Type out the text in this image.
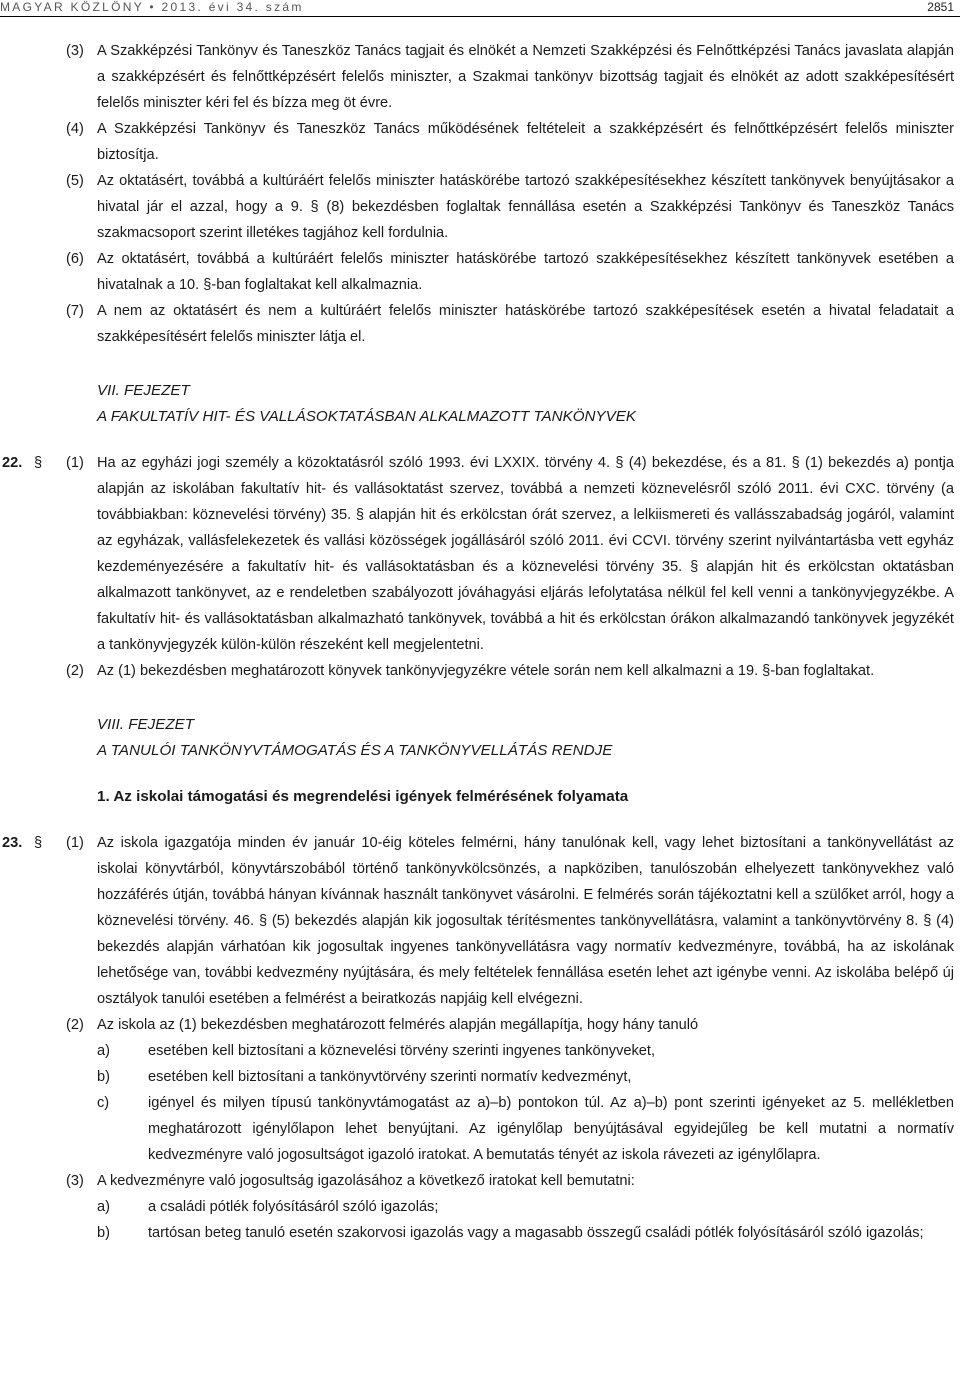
MAGYAR KÖZLÖNY • 2013. évi 34. szám	2851
(3) A Szakképzési Tankönyv és Taneszköz Tanács tagjait és elnökét a Nemzeti Szakképzési és Felnőttképzési Tanács javaslata alapján a szakképzésért és felnőttképzésért felelős miniszter, a Szakmai tankönyv bizottság tagjait és elnökét az adott szakképesítésért felelős miniszter kéri fel és bízza meg öt évre.
(4) A Szakképzési Tankönyv és Taneszköz Tanács működésének feltételeit a szakképzésért és felnőttképzésért felelős miniszter biztosítja.
(5) Az oktatásért, továbbá a kultúráért felelős miniszter hatáskörébe tartozó szakképesítésekhez készített tankönyvek benyújtásakor a hivatal jár el azzal, hogy a 9. § (8) bekezdésben foglaltak fennállása esetén a Szakképzési Tankönyv és Taneszköz Tanács szakmacsoport szerint illetékes tagjához kell fordulnia.
(6) Az oktatásért, továbbá a kultúráért felelős miniszter hatáskörébe tartozó szakképesítésekhez készített tankönyvek esetében a hivatalnak a 10. §-ban foglaltakat kell alkalmaznia.
(7) A nem az oktatásért és nem a kultúráért felelős miniszter hatáskörébe tartozó szakképesítések esetén a hivatal feladatait a szakképesítésért felelős miniszter látja el.
VII. FEJEZET
A FAKULTATÍV HIT- ÉS VALLÁSOKTATÁSBAN ALKALMAZOTT TANKÖNYVEK
22. § (1) Ha az egyházi jogi személy a közoktatásról szóló 1993. évi LXXIX. törvény 4. § (4) bekezdése, és a 81. § (1) bekezdés a) pontja alapján az iskolában fakultatív hit- és vallásoktatást szervez, továbbá a nemzeti köznevelésről szóló 2011. évi CXC. törvény (a továbbiakban: köznevelési törvény) 35. § alapján hit és erkölcstan órát szervez, a lelkiismereti és vallásszabadság jogáról, valamint az egyházak, vallásfelekezetek és vallási közösségek jogállásáról szóló 2011. évi CCVI. törvény szerint nyilvántartásba vett egyház kezdeményezésére a fakultatív hit- és vallásoktatásban és a köznevelési törvény 35. § alapján hit és erkölcstan oktatásban alkalmazott tankönyvet, az e rendeletben szabályozott jóváhagyási eljárás lefolytatása nélkül fel kell venni a tankönyvjegyzékbe. A fakultatív hit- és vallásoktatásban alkalmazható tankönyvek, továbbá a hit és erkölcstan órákon alkalmazandó tankönyvek jegyzékét a tankönyvjegyzék külön-külön részeként kell megjelentetni.
(2) Az (1) bekezdésben meghatározott könyvek tankönyvjegyzékre vétele során nem kell alkalmazni a 19. §-ban foglaltakat.
VIII. FEJEZET
A TANULÓI TANKÖNYVTÁMOGATÁS ÉS A TANKÖNYVELLÁTÁS RENDJE
1. Az iskolai támogatási és megrendelési igények felmérésének folyamata
23. § (1) Az iskola igazgatója minden év január 10-éig köteles felmérni, hány tanulónak kell, vagy lehet biztosítani a tankönyvellátást az iskolai könyvtárból, könyvtárszobából történő tankönyvkölcsönzés, a napköziben, tanulószobán elhelyezett tankönyvekhez való hozzáférés útján, továbbá hányan kívánnak használt tankönyvet vásárolni. E felmérés során tájékoztatni kell a szülőket arról, hogy a köznevelési törvény. 46. § (5) bekezdés alapján kik jogosultak térítésmentes tankönyvellátásra, valamint a tankönyvtörvény 8. § (4) bekezdés alapján várhatóan kik jogosultak ingyenes tankönyvellátásra vagy normatív kedvezményre, továbbá, ha az iskolának lehetősége van, további kedvezmény nyújtására, és mely feltételek fennállása esetén lehet azt igénybe venni. Az iskolába belépő új osztályok tanulói esetében a felmérést a beiratkozás napjáig kell elvégezni.
(2) Az iskola az (1) bekezdésben meghatározott felmérés alapján megállapítja, hogy hány tanuló
a)	esetében kell biztosítani a köznevelési törvény szerinti ingyenes tankönyveket,
b)	esetében kell biztosítani a tankönyvtörvény szerinti normatív kedvezményt,
c)	igényel és milyen típusú tankönyvtámogatást az a)–b) pontokon túl. Az a)–b) pont szerinti igényeket az 5. mellékletben meghatározott igénylőlapon lehet benyújtani. Az igénylőlap benyújtásával egyidejűleg be kell mutatni a normatív kedvezményre való jogosultságot igazoló iratokat. A bemutatás tényét az iskola rávezeti az igénylőlapra.
(3) A kedvezményre való jogosultság igazolásához a következő iratokat kell bemutatni:
a)	a családi pótlék folyósításáról szóló igazolás;
b)	tartósan beteg tanuló esetén szakorvosi igazolás vagy a magasabb összegű családi pótlék folyósításáról szóló igazolás;
